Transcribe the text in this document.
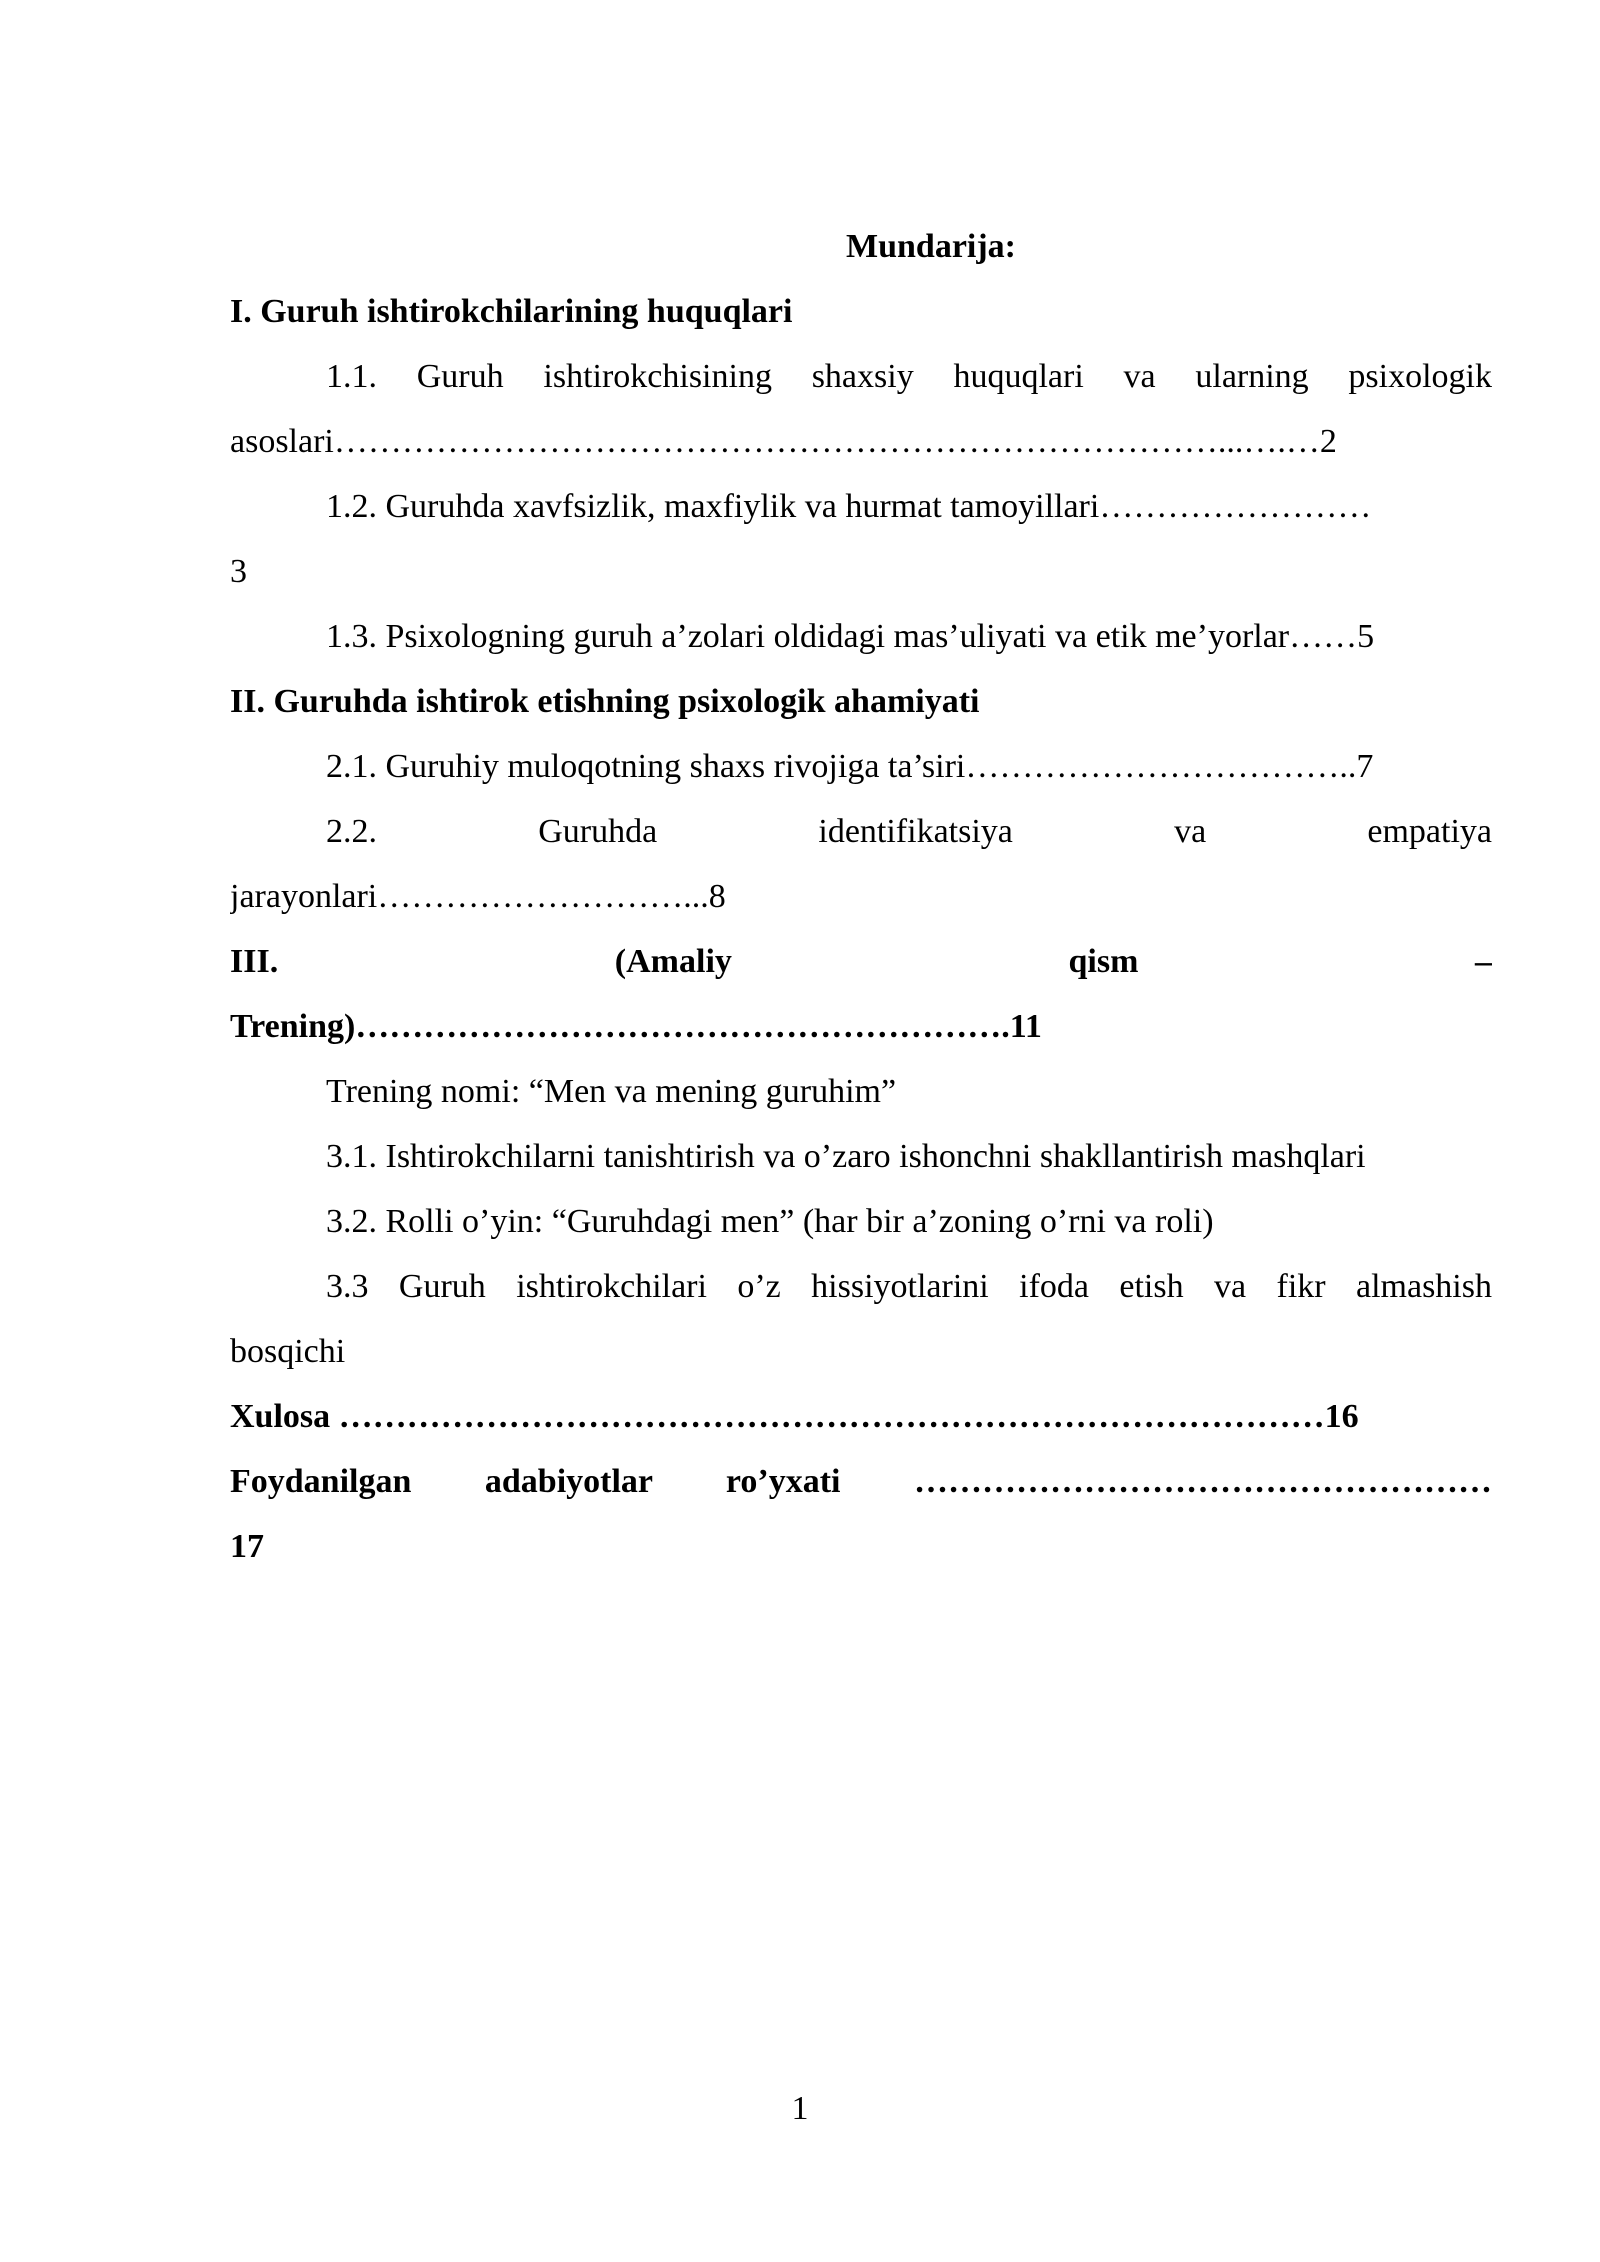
Mundarija:
I. Guruh ishtirokchilarining huquqlari
1.1. Guruh ishtirokchisining shaxsiy huquqlari va ularning psixologik
asoslari……………………………………………………………………...….…2
1.2. Guruhda xavfsizlik, maxfiylik va hurmat tamoyillari……………………
3
1.3. Psixologning guruh a’zolari oldidagi mas’uliyati va etik me’yorlar……5
II. Guruhda ishtirok etishning psixologik ahamiyati
2.1. Guruhiy muloqotning shaxs rivojiga ta’siri……………………………..7
2.2. Guruhda identifikatsiya va empatiya
jarayonlari………………………...8
III. (Amaliy qism –
Trening)………………………………………………….11
Trening nomi: “Men va mening guruhim”
3.1. Ishtirokchilarni tanishtirish va o’zaro ishonchni shakllantirish mashqlari
3.2. Rolli o’yin: “Guruhdagi men” (har bir a’zoning o’rni va roli)
3.3 Guruh ishtirokchilari o’z hissiyotlarini ifoda etish va fikr almashish
bosqichi
Xulosa ……………………………………………………………………………16
Foydanilgan adabiyotlar ro’yxati ……………………………………………
17
1
